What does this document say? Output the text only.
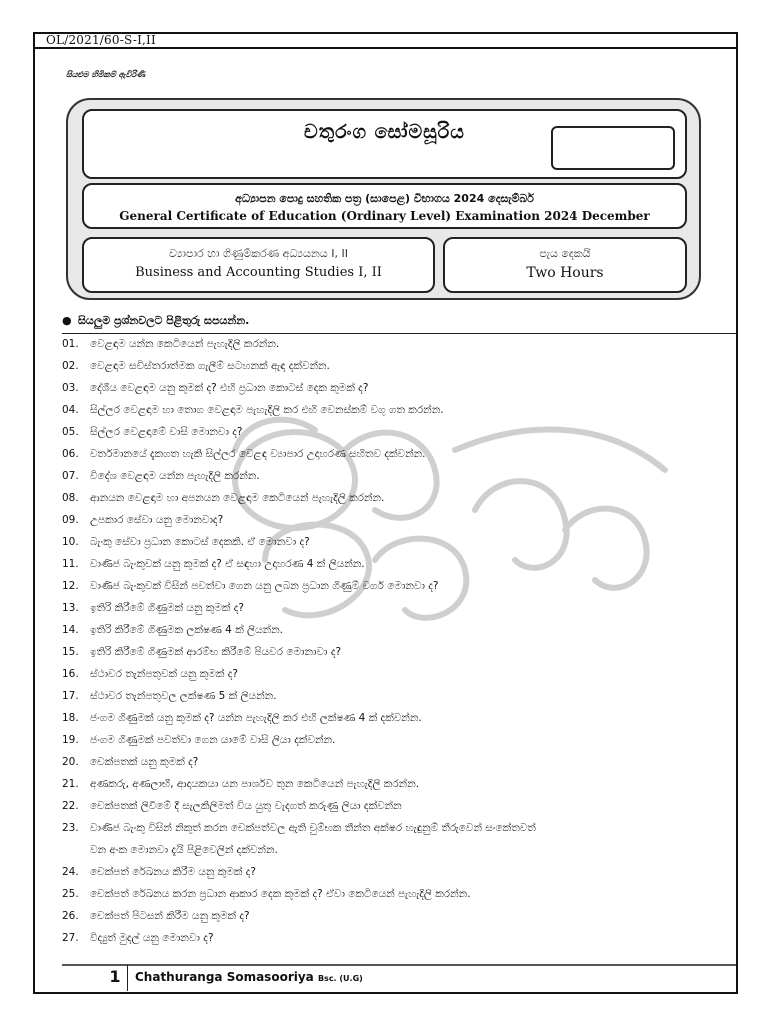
OL/2021/60-S-I,II
සියළුම හිමිකම් ඇවිරිණි
චතුරංග සෝමසූරිය
අධ්‍යාපන පොදු සහතික පත්‍ර (සාපෙළ) විභාගය 2024 දෙසැම්බර්
General Certificate of Education (Ordinary Level) Examination 2024 December
ව්‍යාපාර හා ගිණුම්කරණ අධ්‍යයනය I, II
Business and Accounting Studies I, II
පැය දෙකයි
Two Hours
● සියලුම ප්‍රශ්නවලට පිළිතුරු සපයන්න.
01. වෙළඳාම යන්න කෙටියෙන් පැහැදිලි කරන්න.
02. වෙළඳාම සවිස්තරාත්මක ගැලීම් සටහනක් ඇඳ දක්වන්න.
03. දේශීය වෙළඳාම යනු කුමක් ද? එහි ප්‍රධාන කොටස් දෙක කුමක් ද?
04. සිල්ලර වෙළඳාම හා තොග වෙළඳාම පැහැදිලි කර එහි වෙනස්කම් වගු ගත කරන්න.
05. සිල්ලර වෙළඳාමේ වාසි මොනවා ද?
06. වර්තමානයේ දැකගත හැකි සිල්ලර වෙළඳ ව්‍යාපාර උදාහරණ සහිතව දක්වන්න.
07. විදේශ වෙළඳාම යන්න පැහැදිලි කරන්න.
08. ආනයන වෙළඳාම හා අපනයන වෙළඳාම කෙටියෙන් පැහැදිලි කරන්න.
09. උපකාර සේවා යනු මොනවාද?
10. බැංකු සේවා ප්‍රධාන කොටස් දෙකකි. ඒ මොනවා ද?
11. වාණිජ බැංකුවක් යනු කුමක් ද? ඒ සඳහා උදාහරණ 4 ක් ලියන්න.
12. වාණිජ බැංකුවක් විසින් පවත්වා ගෙන යනු ලබන ප්‍රධාන ගිණුම් වර්ග මොනවා ද?
13. ඉතිරි කිරීමේ ගිණුමක් යනු කුමක් ද?
14. ඉතිරි කිරීමේ ගිණුමක ලක්ෂණ 4 ක් ලියන්න.
15. ඉතිරි කිරීමේ ගිණුමක් ආරම්භ කිරීමේ පියවර මොනාවා ද?
16. ස්ථාවර තැන්පතුවක් යනු කුමක් ද?
17. ස්ථාවර තැන්පතුවල ලක්ෂණ 5 ක් ලියන්න.
18. ජංගම ගිණුමක් යනු කුමක් ද? යන්න පැහැදිලි කර එහි ලක්ෂණ 4 ක් දක්වන්න.
19. ජංගම ගිණුමක් පවත්වා ගෙන යාමේ වාසි ලියා දක්වන්න.
20. චෙක්පතක් යනු කුමක් ද?
21. අණකරු, අණලාභී, ආදායකයා යන පාර්ශව තුන කෙටියෙන් පැහැදිලි කරන්න.
22. චෙක්පතක් ලිවීමේ දී සැලකිලිමත් විය යුතු වැදගත් කරුණු ලියා දක්වන්න
23. වාණිජ බැංකු විසින් නිකුත් කරන චෙක්පත්වල ඇති චුම්භක තීන්ත අක්ෂර හැඳුනුම් තීරුවෙන් සංකේතවත්
වන අංක මොනවා දැයි පිළිවෙලින් දක්වන්න.
24. චෙක්පත් රේඛනය කිරීම යනු කුමක් ද?
25. චෙක්පත් රේඛනය කරන ප්‍රධාන ආකාර දෙක කුමක් ද? ඒවා කෙටියෙන් පැහැදිලි කරන්න.
26. චෙක්පත් පිටසන් කිරීම යනු කුමක් ද?
27. විද්‍යුත් මුදල් යනු මොනවා ද?
1	Chathuranga Somasooriya Bsc. (U.G)
